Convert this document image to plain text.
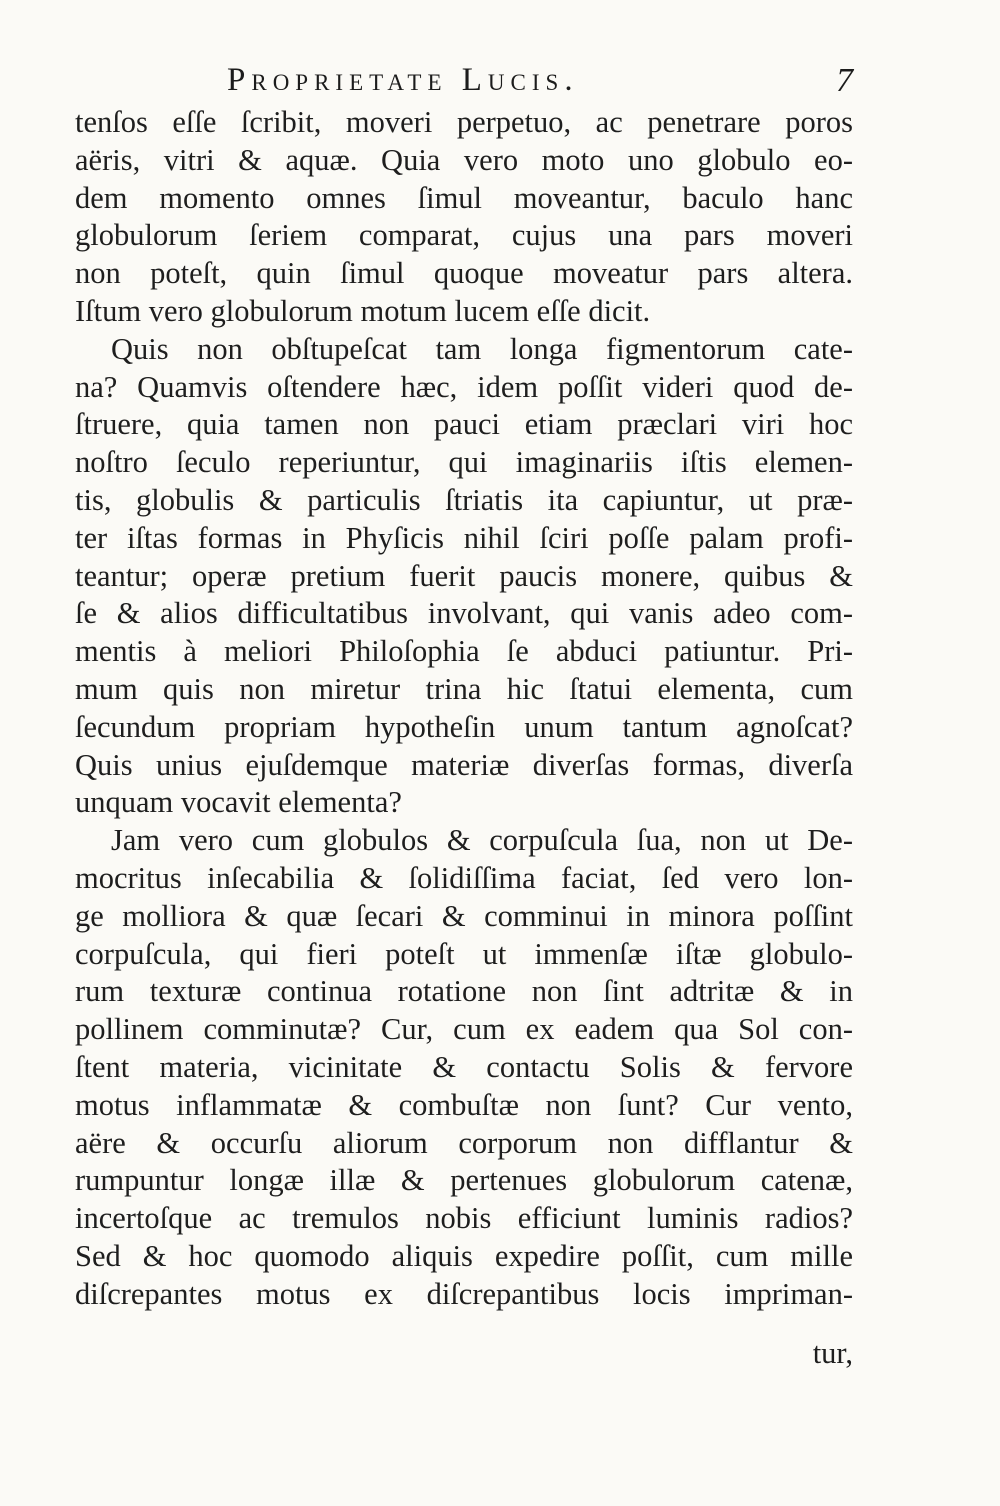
Proprietate Lucis.	7
tenſos eſſe ſcribit, moveri perpetuo, ac penetrare poros
aëris, vitri & aquæ. Quia vero moto uno globulo eo-
dem momento omnes ſimul moveantur, baculo hanc
globulorum ſeriem comparat, cujus una pars moveri
non poteſt, quin ſimul quoque moveatur pars altera.
Iſtum vero globulorum motum lucem eſſe dicit.
Quis non obſtupeſcat tam longa figmentorum cate-
na? Quamvis oſtendere hæc, idem poſſit videri quod de-
ſtruere, quia tamen non pauci etiam præclari viri hoc
noſtro ſeculo reperiuntur, qui imaginariis iſtis elemen-
tis, globulis & particulis ſtriatis ita capiuntur, ut præ-
ter iſtas formas in Phyſicis nihil ſciri poſſe palam profi-
teantur; operæ pretium fuerit paucis monere, quibus &
ſe & alios difficultatibus involvant, qui vanis adeo com-
mentis à meliori Philoſophia ſe abduci patiuntur. Pri-
mum quis non miretur trina hic ſtatui elementa, cum
ſecundum propriam hypotheſin unum tantum agnoſcat?
Quis unius ejuſdemque materiæ diverſas formas, diverſa
unquam vocavit elementa?
Jam vero cum globulos & corpuſcula ſua, non ut De-
mocritus inſecabilia & ſolidiſſima faciat, ſed vero lon-
ge molliora & quæ ſecari & comminui in minora poſſint
corpuſcula, qui fieri poteſt ut immenſæ iſtæ globulo-
rum texturæ continua rotatione non ſint adtritæ & in
pollinem comminutæ? Cur, cum ex eadem qua Sol con-
ſtent materia, vicinitate & contactu Solis & fervore
motus inflammatæ & combuſtæ non ſunt? Cur vento,
aëre & occurſu aliorum corporum non difflantur &
rumpuntur longæ illæ & pertenues globulorum catenæ,
incertoſque ac tremulos nobis efficiunt luminis radios?
Sed & hoc quomodo aliquis expedire poſſit, cum mille
diſcrepantes motus ex diſcrepantibus locis impriman-
tur,
